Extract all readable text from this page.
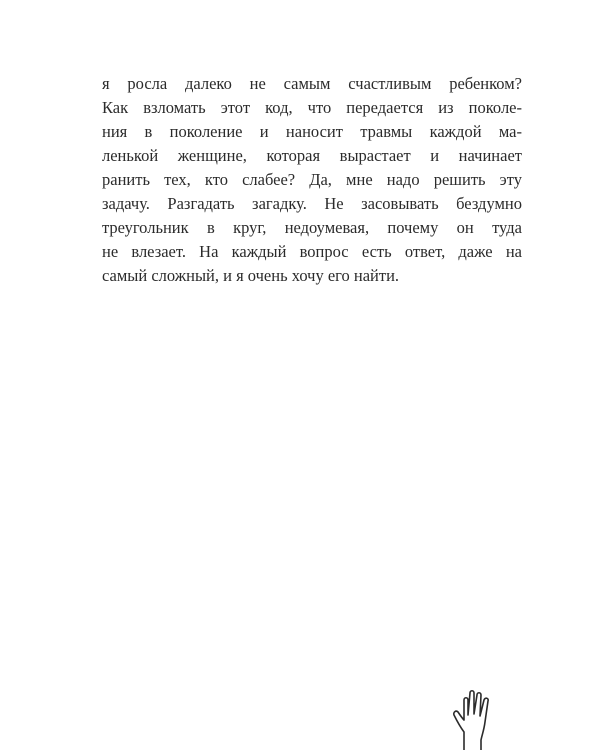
я росла далеко не самым счастливым ребенком?
Как взломать этот код, что передается из поколе-
ния в поколение и наносит травмы каждой ма-
ленькой женщине, которая вырастает и начинает
ранить тех, кто слабее? Да, мне надо решить эту
задачу. Разгадать загадку. Не засовывать бездумно
треугольник в круг, недоумевая, почему он туда
не влезает. На каждый вопрос есть ответ, даже на
самый сложный, и я очень хочу его найти.
